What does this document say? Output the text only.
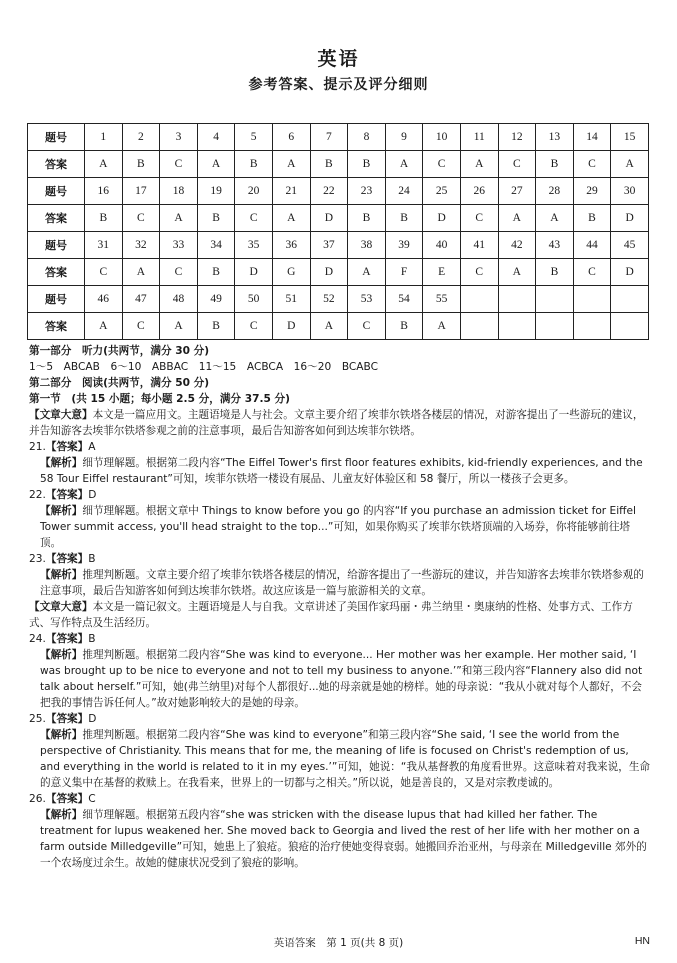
英语
参考答案、提示及评分细则
题号	1	2	3	4	5	6	7	8	9	10	11	12	13	14	15
答案	A	B	C	A	B	A	B	B	A	C	A	C	B	C	A
题号	16	17	18	19	20	21	22	23	24	25	26	27	28	29	30
答案	B	C	A	B	C	A	D	B	B	D	C	A	A	B	D
题号	31	32	33	34	35	36	37	38	39	40	41	42	43	44	45
答案	C	A	C	B	D	G	D	A	F	E	C	A	B	C	D
题号	46	47	48	49	50	51	52	53	54	55					
答案	A	C	A	B	C	D	A	C	B	A					

第一部分　听力(共两节，满分 30 分)

1～5　ABCAB　6～10　ABBAC　11～15　ACBCA　16～20　BCABC

第二部分　阅读(共两节，满分 50 分)

第一节　(共 15 小题；每小题 2.5 分，满分 37.5 分)

【文章大意】本文是一篇应用文。主题语境是人与社会。文章主要介绍了埃菲尔铁塔各楼层的情况，对游客提出了一些游玩的建议，并告知游客去埃菲尔铁塔参观之前的注意事项，最后告知游客如何到达埃菲尔铁塔。

21.【答案】A

【解析】细节理解题。根据第二段内容“The Eiffel Tower's first floor features exhibits, kid-friendly experiences, and the 58 Tour Eiffel restaurant”可知，埃菲尔铁塔一楼设有展品、儿童友好体验区和 58 餐厅，所以一楼孩子会更多。

22.【答案】D

【解析】细节理解题。根据文章中 Things to know before you go 的内容“If you purchase an admission ticket for Eiffel Tower summit access, you'll head straight to the top...”可知，如果你购买了埃菲尔铁塔顶端的入场券，你将能够前往塔顶。

23.【答案】B

【解析】推理判断题。文章主要介绍了埃菲尔铁塔各楼层的情况，给游客提出了一些游玩的建议，并告知游客去埃菲尔铁塔参观的注意事项，最后告知游客如何到达埃菲尔铁塔。故这应该是一篇与旅游相关的文章。

【文章大意】本文是一篇记叙文。主题语境是人与自我。文章讲述了美国作家玛丽・弗兰纳里・奥康纳的性格、处事方式、工作方式、写作特点及生活经历。

24.【答案】B

【解析】推理判断题。根据第二段内容“She was kind to everyone... Her mother was her example. Her mother said, ‘I was brought up to be nice to everyone and not to tell my business to anyone.’”和第三段内容“Flannery also did not talk about herself.”可知，她(弗兰纳里)对每个人都很好...她的母亲就是她的榜样。她的母亲说：“我从小就对每个人都好，不会把我的事情告诉任何人。”故对她影响较大的是她的母亲。

25.【答案】D

【解析】推理判断题。根据第二段内容“She was kind to everyone”和第三段内容“She said, ‘I see the world from the perspective of Christianity. This means that for me, the meaning of life is focused on Christ's redemption of us, and everything in the world is related to it in my eyes.’”可知，她说：“我从基督教的角度看世界。这意味着对我来说，生命的意义集中在基督的救赎上。在我看来，世界上的一切都与之相关。”所以说，她是善良的，又是对宗教虔诚的。

26.【答案】C

【解析】细节理解题。根据第五段内容“she was stricken with the disease lupus that had killed her father. The treatment for lupus weakened her. She moved back to Georgia and lived the rest of her life with her mother on a farm outside Milledgeville”可知，她患上了狼疮。狼疮的治疗使她变得衰弱。她搬回乔治亚州，与母亲在 Milledgeville 郊外的一个农场度过余生。故她的健康状况受到了狼疮的影响。

英语答案　第 1 页(共 8 页)	HN
